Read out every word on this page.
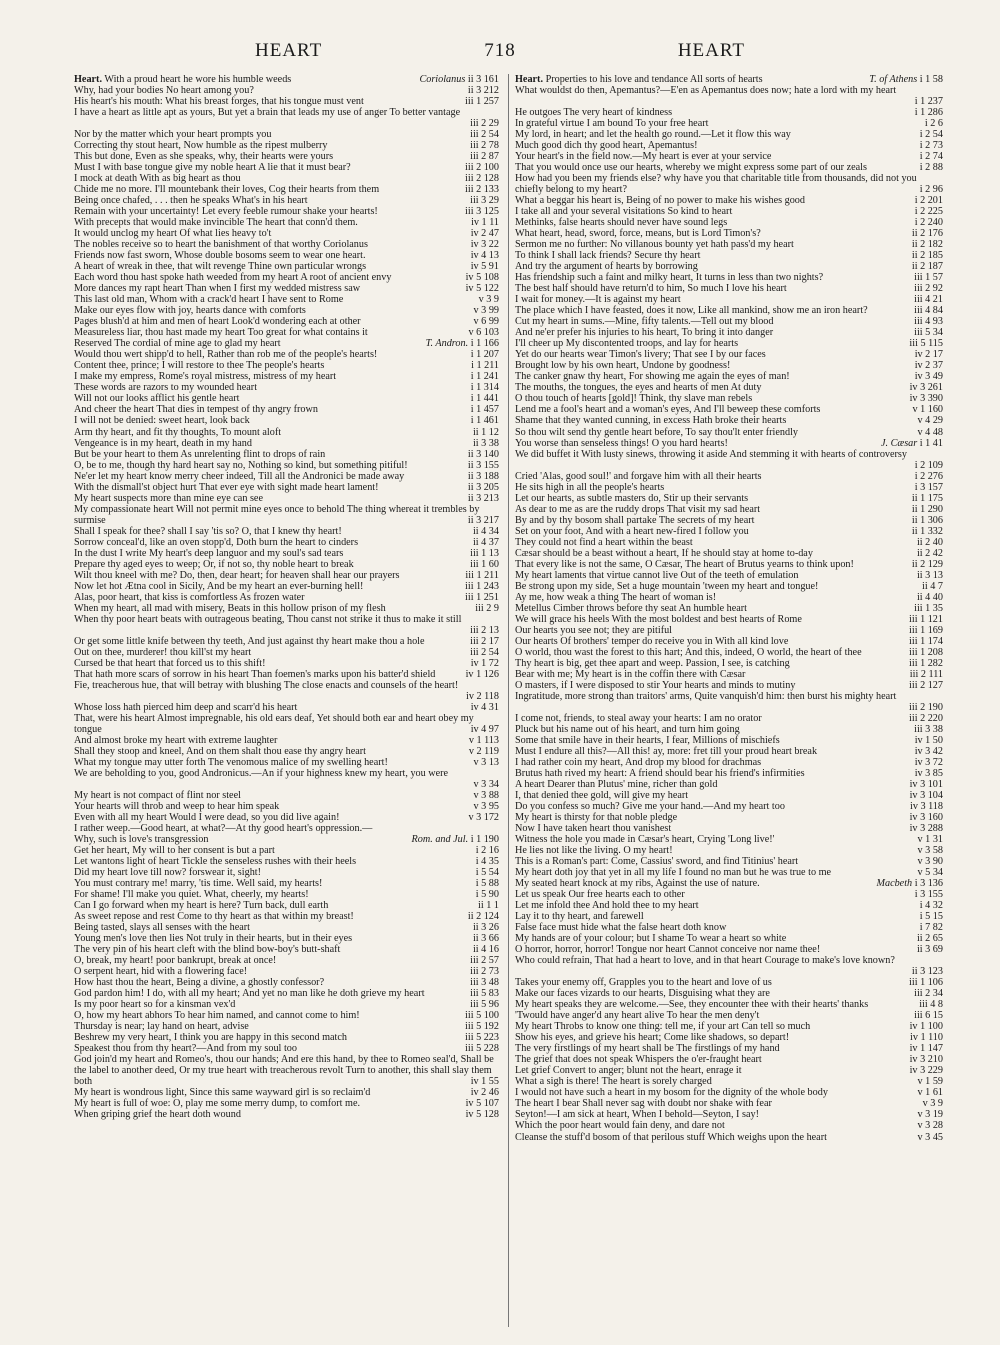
HEART	718	HEART
Heart. With a proud heart he wore his humble weeds	Coriolanus ii 3 161
Why, had your bodies No heart among you?	ii 3 212
His heart's his mouth: What his breast forges, that his tongue must vent	iii 1 257
I have a heart as little apt as yours, But yet a brain that leads my use of anger To better vantage
iii 2 29
Nor by the matter which your heart prompts you	iii 2 54
Correcting thy stout heart, Now humble as the ripest mulberry	iii 2 78
This but done, Even as she speaks, why, their hearts were yours	iii 2 87
Must I with base tongue give my noble heart A lie that it must bear?	iii 2 100
I mock at death With as big heart as thou	iii 2 128
Chide me no more. I'll mountebank their loves, Cog their hearts from them	iii 2 133
Being once chafed, . . . then he speaks What's in his heart	iii 3 29
Remain with your uncertainty! Let every feeble rumour shake your hearts!	iii 3 125
With precepts that would make invincible The heart that conn'd them.	iv 1 11
It would unclog my heart Of what lies heavy to't	iv 2 47
The nobles receive so to heart the banishment of that worthy Coriolanus	iv 3 22
Friends now fast sworn, Whose double bosoms seem to wear one heart.	iv 4 13
A heart of wreak in thee, that wilt revenge Thine own particular wrongs	iv 5 91
Each word thou hast spoke hath weeded from my heart A root of ancient envy	iv 5 108
More dances my rapt heart Than when I first my wedded mistress saw	iv 5 122
This last old man, Whom with a crack'd heart I have sent to Rome	v 3 9
Make our eyes flow with joy, hearts dance with comforts	v 3 99
Pages blush'd at him and men of heart Look'd wondering each at other	v 6 99
Measureless liar, thou hast made my heart Too great for what contains it	v 6 103
Reserved The cordial of mine age to glad my heart	T. Andron. i 1 166
Would thou wert shipp'd to hell, Rather than rob me of the people's hearts!	i 1 207
Content thee, prince; I will restore to thee The people's hearts	i 1 211
I make my empress, Rome's royal mistress, mistress of my heart	i 1 241
These words are razors to my wounded heart	i 1 314
Will not our looks afflict his gentle heart	i 1 441
And cheer the heart That dies in tempest of thy angry frown	i 1 457
I will not be denied: sweet heart, look back	i 1 461
Arm thy heart, and fit thy thoughts, To mount aloft	ii 1 12
Vengeance is in my heart, death in my hand	ii 3 38
But be your heart to them As unrelenting flint to drops of rain	ii 3 140
O, be to me, though thy hard heart say no, Nothing so kind, but something pitiful!	ii 3 155
Ne'er let my heart know merry cheer indeed, Till all the Andronici be made away	ii 3 188
With the dismall'st object hurt That ever eye with sight made heart lament!	ii 3 205
My heart suspects more than mine eye can see	ii 3 213
My compassionate heart Will not permit mine eyes once to behold The thing whereat it trembles by surmise	ii 3 217
Shall I speak for thee? shall I say 'tis so? O, that I knew thy heart!	ii 4 34
Sorrow conceal'd, like an oven stopp'd, Doth burn the heart to cinders	ii 4 37
In the dust I write My heart's deep languor and my soul's sad tears	iii 1 13
Prepare thy aged eyes to weep; Or, if not so, thy noble heart to break	iii 1 60
Wilt thou kneel with me? Do, then, dear heart; for heaven shall hear our prayers	iii 1 211
Now let hot Ætna cool in Sicily, And be my heart an ever-burning hell!	iii 1 243
Alas, poor heart, that kiss is comfortless As frozen water	iii 1 251
When my heart, all mad with misery, Beats in this hollow prison of my flesh	iii 2 9
When thy poor heart beats with outrageous beating, Thou canst not strike it thus to make it still
iii 2 13
Or get some little knife between thy teeth, And just against thy heart make thou a hole	iii 2 17
Out on thee, murderer! thou kill'st my heart	iii 2 54
Cursed be that heart that forced us to this shift!	iv 1 72
That hath more scars of sorrow in his heart Than foemen's marks upon his batter'd shield	iv 1 126
Fie, treacherous hue, that will betray with blushing The close enacts and counsels of the heart!
iv 2 118
Whose loss hath pierced him deep and scarr'd his heart	iv 4 31
That, were his heart Almost impregnable, his old ears deaf, Yet should both ear and heart obey my tongue	iv 4 97
And almost broke my heart with extreme laughter	v 1 113
Shall they stoop and kneel, And on them shalt thou ease thy angry heart	v 2 119
What my tongue may utter forth The venomous malice of my swelling heart!	v 3 13
We are beholding to you, good Andronicus.—An if your highness knew my heart, you were
v 3 34
My heart is not compact of flint nor steel	v 3 88
Your hearts will throb and weep to hear him speak	v 3 95
Even with all my heart Would I were dead, so you did live again!	v 3 172
I rather weep.—Good heart, at what?—At thy good heart's oppression.—
Why, such is love's transgression	Rom. and Jul. i 1 190
Get her heart, My will to her consent is but a part	i 2 16
Let wantons light of heart Tickle the senseless rushes with their heels	i 4 35
Did my heart love till now? forswear it, sight!	i 5 54
You must contrary me! marry, 'tis time. Well said, my hearts!	i 5 88
For shame! I'll make you quiet. What, cheerly, my hearts!	i 5 90
Can I go forward when my heart is here? Turn back, dull earth	ii 1 1
As sweet repose and rest Come to thy heart as that within my breast!	ii 2 124
Being tasted, slays all senses with the heart	ii 3 26
Young men's love then lies Not truly in their hearts, but in their eyes	ii 3 66
The very pin of his heart cleft with the blind bow-boy's butt-shaft	ii 4 16
O, break, my heart! poor bankrupt, break at once!	iii 2 57
O serpent heart, hid with a flowering face!	iii 2 73
How hast thou the heart, Being a divine, a ghostly confessor?	iii 3 48
God pardon him! I do, with all my heart; And yet no man like he doth grieve my heart	iii 5 83
Is my poor heart so for a kinsman vex'd	iii 5 96
O, how my heart abhors To hear him named, and cannot come to him!	iii 5 100
Thursday is near; lay hand on heart, advise	iii 5 192
Beshrew my very heart, I think you are happy in this second match	iii 5 223
Speakest thou from thy heart?—And from my soul too	iii 5 228
God join'd my heart and Romeo's, thou our hands; And ere this hand, by thee to Romeo seal'd, Shall be the label to another deed, Or my true heart with treacherous revolt Turn to another, this shall slay them both	iv 1 55
My heart is wondrous light, Since this same wayward girl is so reclaim'd	iv 2 46
My heart is full of woe: O, play me some merry dump, to comfort me.	iv 5 107
When griping grief the heart doth wound	iv 5 128
Heart. Properties to his love and tendance All sorts of hearts	T. of Athens i 1 58
What wouldst do then, Apemantus?—E'en as Apemantus does now; hate a lord with my heart
i 1 237
He outgoes The very heart of kindness	i 1 286
In grateful virtue I am bound To your free heart	i 2 6
My lord, in heart; and let the health go round.—Let it flow this way	i 2 54
Much good dich thy good heart, Apemantus!	i 2 73
Your heart's in the field now.—My heart is ever at your service	i 2 74
That you would once use our hearts, whereby we might express some part of our zeals	i 2 88
How had you been my friends else? why have you that charitable title from thousands, did not you chiefly belong to my heart?	i 2 96
What a beggar his heart is, Being of no power to make his wishes good	i 2 201
I take all and your several visitations So kind to heart	i 2 225
Methinks, false hearts should never have sound legs	i 2 240
What heart, head, sword, force, means, but is Lord Timon's?	ii 2 176
Sermon me no further: No villanous bounty yet hath pass'd my heart	ii 2 182
To think I shall lack friends? Secure thy heart	ii 2 185
And try the argument of hearts by borrowing	ii 2 187
Has friendship such a faint and milky heart, It turns in less than two nights?	iii 1 57
The best half should have return'd to him, So much I love his heart	iii 2 92
I wait for money.—It is against my heart	iii 4 21
The place which I have feasted, does it now, Like all mankind, show me an iron heart?	iii 4 84
Cut my heart in sums.—Mine, fifty talents.—Tell out my blood	iii 4 93
And ne'er prefer his injuries to his heart, To bring it into danger	iii 5 34
I'll cheer up My discontented troops, and lay for hearts	iii 5 115
Yet do our hearts wear Timon's livery; That see I by our faces	iv 2 17
Brought low by his own heart, Undone by goodness!	iv 2 37
The canker gnaw thy heart, For showing me again the eyes of man!	iv 3 49
The mouths, the tongues, the eyes and hearts of men At duty	iv 3 261
O thou touch of hearts [gold]! Think, thy slave man rebels	iv 3 390
Lend me a fool's heart and a woman's eyes, And I'll beweep these comforts	v 1 160
Shame that they wanted cunning, in excess Hath broke their hearts	v 4 29
So thou wilt send thy gentle heart before, To say thou'lt enter friendly	v 4 48
You worse than senseless things! O you hard hearts!	J. Cæsar i 1 41
We did buffet it With lusty sinews, throwing it aside And stemming it with hearts of controversy
i 2 109
Cried 'Alas, good soul!' and forgave him with all their hearts	i 2 276
He sits high in all the people's hearts	i 3 157
Let our hearts, as subtle masters do, Stir up their servants	ii 1 175
As dear to me as are the ruddy drops That visit my sad heart	ii 1 290
By and by thy bosom shall partake The secrets of my heart	ii 1 306
Set on your foot, And with a heart new-fired I follow you	ii 1 332
They could not find a heart within the beast	ii 2 40
Cæsar should be a beast without a heart, If he should stay at home to-day	ii 2 42
That every like is not the same, O Cæsar, The heart of Brutus yearns to think upon!	ii 2 129
My heart laments that virtue cannot live Out of the teeth of emulation	ii 3 13
Be strong upon my side, Set a huge mountain 'tween my heart and tongue!	ii 4 7
Ay me, how weak a thing The heart of woman is!	ii 4 40
Metellus Cimber throws before thy seat An humble heart	iii 1 35
We will grace his heels With the most boldest and best hearts of Rome	iii 1 121
Our hearts you see not; they are pitiful	iii 1 169
Our hearts Of brothers' temper do receive you in With all kind love	iii 1 174
O world, thou wast the forest to this hart; And this, indeed, O world, the heart of thee	iii 1 208
Thy heart is big, get thee apart and weep. Passion, I see, is catching	iii 1 282
Bear with me; My heart is in the coffin there with Cæsar	iii 2 111
O masters, if I were disposed to stir Your hearts and minds to mutiny	iii 2 127
Ingratitude, more strong than traitors' arms, Quite vanquish'd him: then burst his mighty heart
iii 2 190
I come not, friends, to steal away your hearts: I am no orator	iii 2 220
Pluck but his name out of his heart, and turn him going	iii 3 38
Some that smile have in their hearts, I fear, Millions of mischiefs	iv 1 50
Must I endure all this?—All this! ay, more: fret till your proud heart break	iv 3 42
I had rather coin my heart, And drop my blood for drachmas	iv 3 72
Brutus hath rived my heart: A friend should bear his friend's infirmities	iv 3 85
A heart Dearer than Plutus' mine, richer than gold	iv 3 101
I, that denied thee gold, will give my heart	iv 3 104
Do you confess so much? Give me your hand.—And my heart too	iv 3 118
My heart is thirsty for that noble pledge	iv 3 160
Now I have taken heart thou vanishest	iv 3 288
Witness the hole you made in Cæsar's heart, Crying 'Long live!'	v 1 31
He lies not like the living. O my heart!	v 3 58
This is a Roman's part: Come, Cassius' sword, and find Titinius' heart	v 3 90
My heart doth joy that yet in all my life I found no man but he was true to me	v 5 34
My seated heart knock at my ribs, Against the use of nature.	Macbeth i 3 136
Let us speak Our free hearts each to other	i 3 155
Let me infold thee And hold thee to my heart	i 4 32
Lay it to thy heart, and farewell	i 5 15
False face must hide what the false heart doth know	i 7 82
My hands are of your colour; but I shame To wear a heart so white	ii 2 65
O horror, horror, horror! Tongue nor heart Cannot conceive nor name thee!	ii 3 69
Who could refrain, That had a heart to love, and in that heart Courage to make's love known?
ii 3 123
Takes your enemy off, Grapples you to the heart and love of us	iii 1 106
Make our faces vizards to our hearts, Disguising what they are	iii 2 34
My heart speaks they are welcome.—See, they encounter thee with their hearts' thanks	iii 4 8
'Twould have anger'd any heart alive To hear the men deny't	iii 6 15
My heart Throbs to know one thing: tell me, if your art Can tell so much	iv 1 100
Show his eyes, and grieve his heart; Come like shadows, so depart!	iv 1 110
The very firstlings of my heart shall be The firstlings of my hand	iv 1 147
The grief that does not speak Whispers the o'er-fraught heart	iv 3 210
Let grief Convert to anger; blunt not the heart, enrage it	iv 3 229
What a sigh is there! The heart is sorely charged	v 1 59
I would not have such a heart in my bosom for the dignity of the whole body	v 1 61
The heart I bear Shall never sag with doubt nor shake with fear	v 3 9
Seyton!—I am sick at heart, When I behold—Seyton, I say!	v 3 19
Which the poor heart would fain deny, and dare not	v 3 28
Cleanse the stuff'd bosom of that perilous stuff Which weighs upon the heart	v 3 45
